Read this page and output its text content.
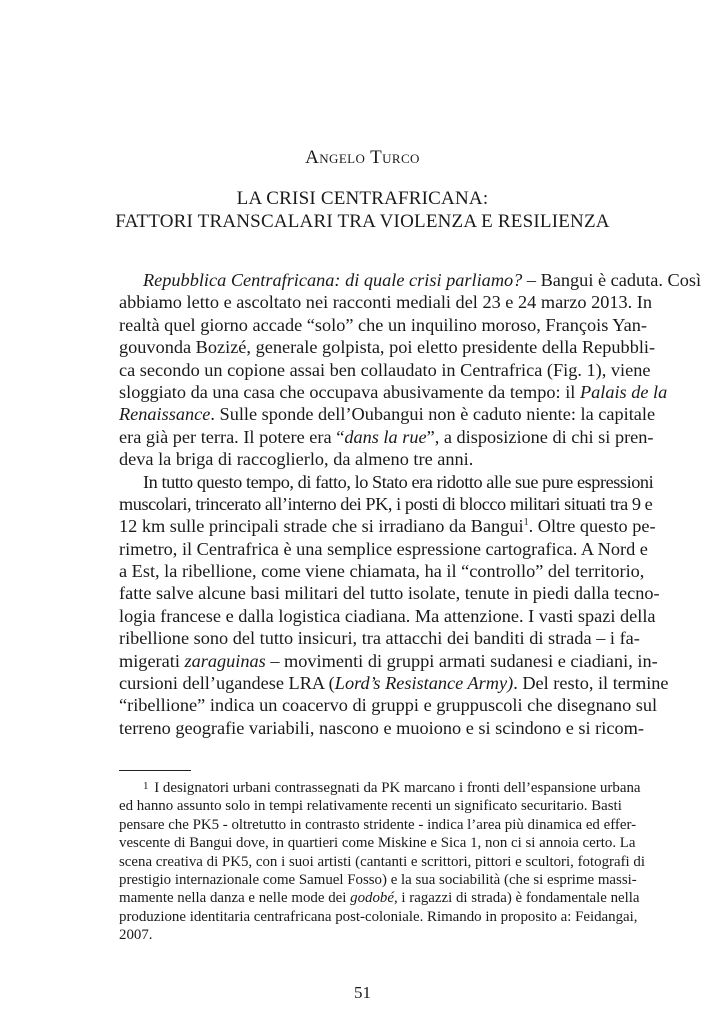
Angelo Turco
LA CRISI CENTRAFRICANA:
FATTORI TRANSCALARI TRA VIOLENZA E RESILIENZA
Repubblica Centrafricana: di quale crisi parliamo? – Bangui è caduta. Così
abbiamo letto e ascoltato nei racconti mediali del 23 e 24 marzo 2013. In
realtà quel giorno accade “solo” che un inquilino moroso, François Yan-
gouvonda Bozizé, generale golpista, poi eletto presidente della Repubbli-
ca secondo un copione assai ben collaudato in Centrafrica (Fig. 1), viene
sloggiato da una casa che occupava abusivamente da tempo: il Palais de la
Renaissance. Sulle sponde dell’Oubangui non è caduto niente: la capitale
era già per terra. Il potere era “dans la rue”, a disposizione di chi si pren-
deva la briga di raccoglierlo, da almeno tre anni.
In tutto questo tempo, di fatto, lo Stato era ridotto alle sue pure espressioni
muscolari, trincerato all’interno dei PK, i posti di blocco militari situati tra 9 e
12 km sulle principali strade che si irradiano da Bangui$^1$. Oltre questo pe-
rimetro, il Centrafrica è una semplice espressione cartografica. A Nord e
a Est, la ribellione, come viene chiamata, ha il “controllo” del territorio,
fatte salve alcune basi militari del tutto isolate, tenute in piedi dalla tecno-
logia francese e dalla logistica ciadiana. Ma attenzione. I vasti spazi della
ribellione sono del tutto insicuri, tra attacchi dei banditi di strada – i fa-
migerati zaraguinas – movimenti di gruppi armati sudanesi e ciadiani, in-
cursioni dell’ugandese LRA (Lord’s Resistance Army). Del resto, il termine
“ribellione” indica un coacervo di gruppi e gruppuscoli che disegnano sul
terreno geografie variabili, nascono e muoiono e si scindono e si ricom-
$^1$ I designatori urbani contrassegnati da PK marcano i fronti dell’espansione urbana
ed hanno assunto solo in tempi relativamente recenti un significato securitario. Basti
pensare che PK5 - oltretutto in contrasto stridente - indica l’area più dinamica ed effer-
vescente di Bangui dove, in quartieri come Miskine e Sica 1, non ci si annoia certo. La
scena creativa di PK5, con i suoi artisti (cantanti e scrittori, pittori e scultori, fotografi di
prestigio internazionale come Samuel Fosso) e la sua sociabilità (che si esprime massi-
mamente nella danza e nelle mode dei godobé, i ragazzi di strada) è fondamentale nella
produzione identitaria centrafricana post-coloniale. Rimando in proposito a: Feidangai,
2007.
51
